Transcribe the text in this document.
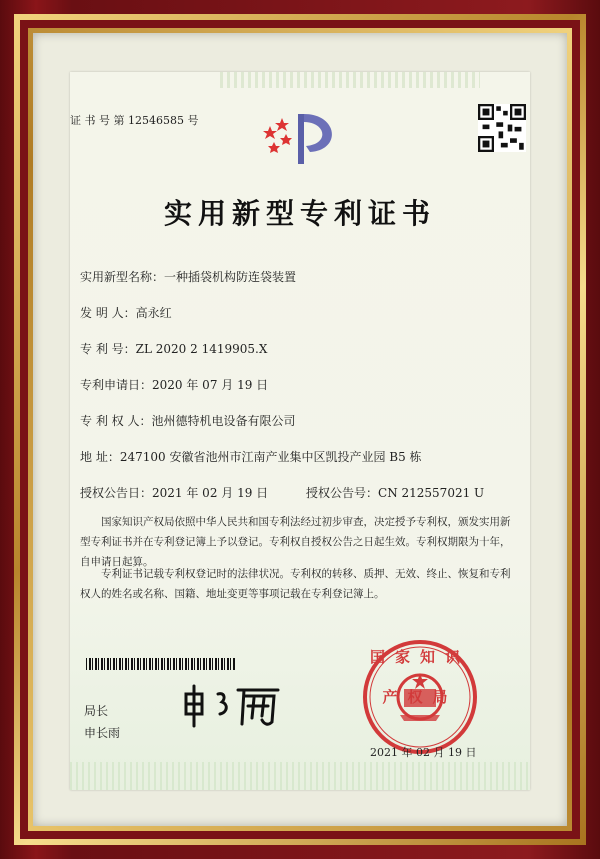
证 书 号 第 12546585 号
实用新型专利证书
实用新型名称：一种插袋机构防连袋装置
发 明 人：高永红
专 利 号：ZL 2020 2 1419905.X
专利申请日：2020 年 07 月 19 日
专 利 权 人：池州德特机电设备有限公司
地 址：247100 安徽省池州市江南产业集中区凯投产业园 B5 栋
授权公告日：2021 年 02 月 19 日	授权公告号：CN 212557021 U
国家知识产权局依照中华人民共和国专利法经过初步审查，决定授予专利权，颁发实用新型专利证书并在专利登记簿上予以登记。专利权自授权公告之日起生效。专利权期限为十年，自申请日起算。
专利证书记载专利权登记时的法律状况。专利权的转移、质押、无效、终止、恢复和专利权人的姓名或名称、国籍、地址变更等事项记载在专利登记簿上。
局长
申长雨
国家知识产权局
2021 年 02 月 19 日
